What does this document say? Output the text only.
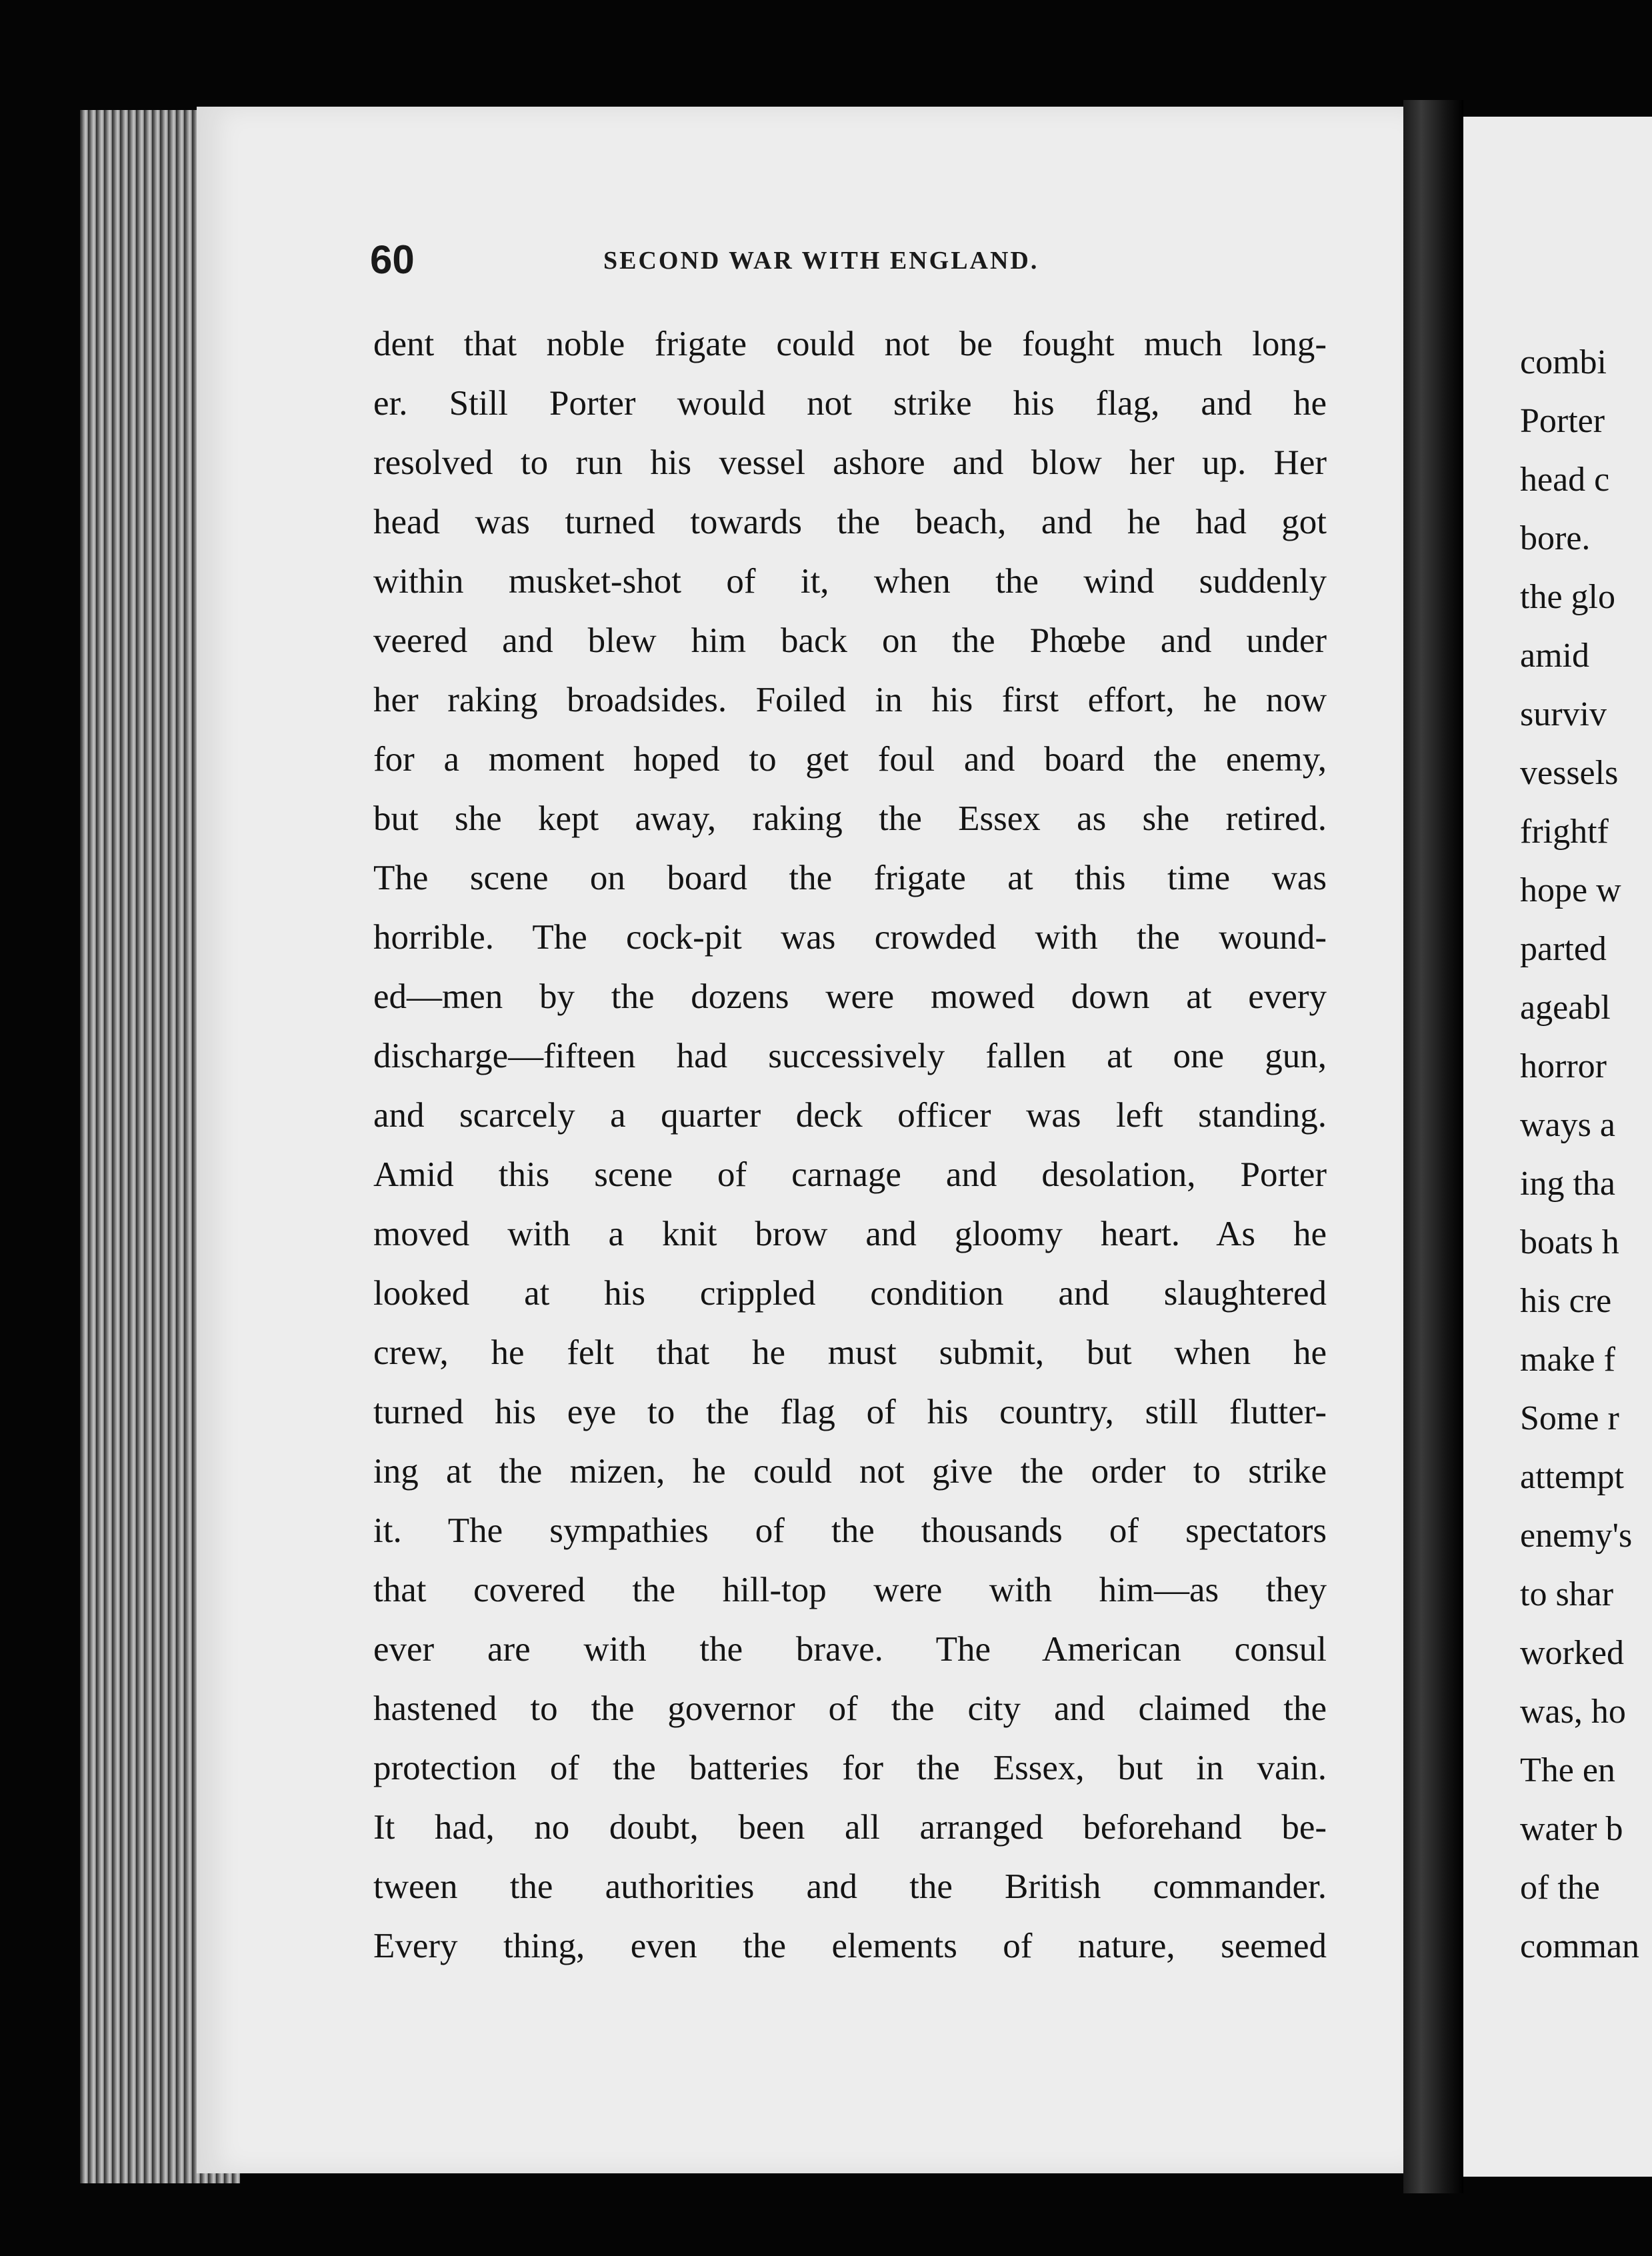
60	SECOND WAR WITH ENGLAND.
dent that noble frigate could not be fought much long-
er. Still Porter would not strike his flag, and he
resolved to run his vessel ashore and blow her up. Her
head was turned towards the beach, and he had got
within musket-shot of it, when the wind suddenly
veered and blew him back on the Phœbe and under
her raking broadsides. Foiled in his first effort, he now
for a moment hoped to get foul and board the enemy,
but she kept away, raking the Essex as she retired.
The scene on board the frigate at this time was
horrible. The cock-pit was crowded with the wound-
ed—men by the dozens were mowed down at every
discharge—fifteen had successively fallen at one gun,
and scarcely a quarter deck officer was left standing.
Amid this scene of carnage and desolation, Porter
moved with a knit brow and gloomy heart. As he
looked at his crippled condition and slaughtered
crew, he felt that he must submit, but when he
turned his eye to the flag of his country, still flutter-
ing at the mizen, he could not give the order to strike
it. The sympathies of the thousands of spectators
that covered the hill-top were with him—as they
ever are with the brave. The American consul
hastened to the governor of the city and claimed the
protection of the batteries for the Essex, but in vain.
It had, no doubt, been all arranged beforehand be-
tween the authorities and the British commander.
Every thing, even the elements of nature, seemed
combi
Porter
head c
bore.
the glo
amid
surviv
vessels
frightf
hope w
parted
ageabl
horror
ways a
ing tha
boats h
his cre
make f
Some r
attempt
enemy's
to shar
worked
was, ho
The en
water b
of the
comman
